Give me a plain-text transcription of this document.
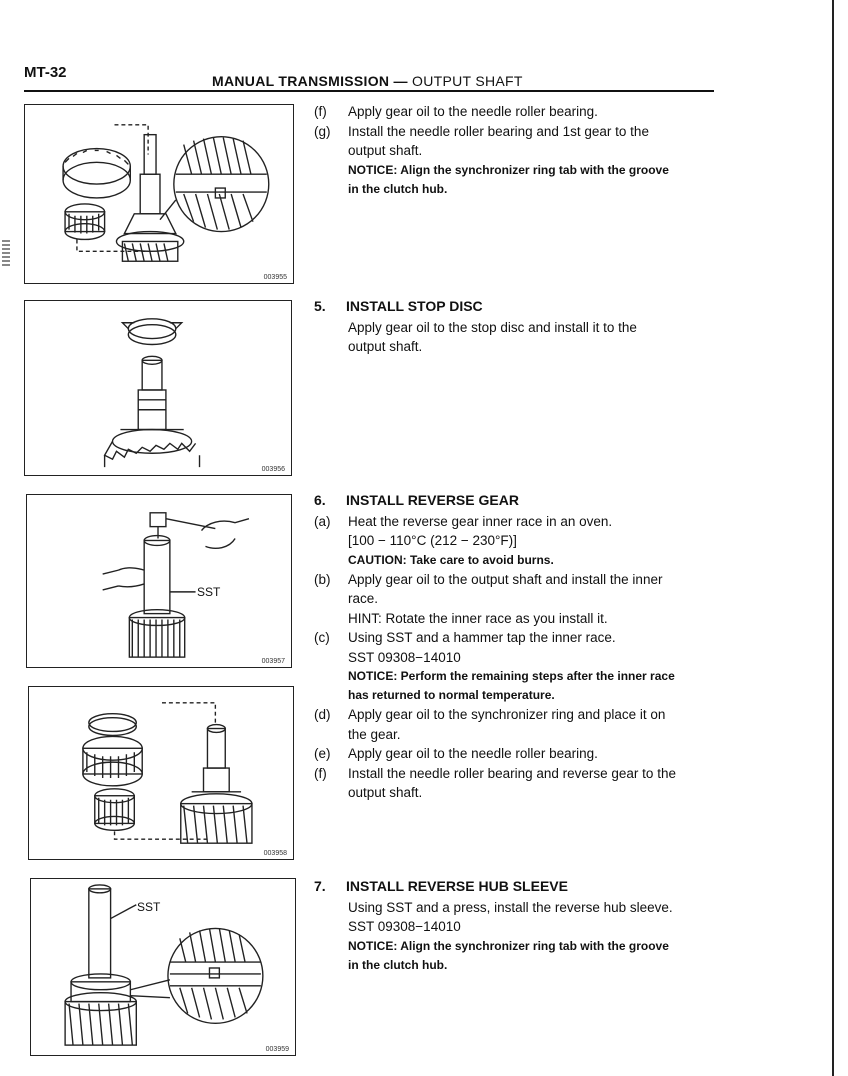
MT-32	MANUAL TRANSMISSION — OUTPUT SHAFT
003955
003956
SST
003957
003958
SST
003959
(f)	Apply gear oil to the needle roller bearing.
(g)	Install the needle roller bearing and 1st gear to the
output shaft.
NOTICE: Align the synchronizer ring tab with the groove
in the clutch hub.
5.	INSTALL STOP DISC
Apply gear oil to the stop disc and install it to the
output shaft.
6.	INSTALL REVERSE GEAR
(a)	Heat the reverse gear inner race in an oven.
[100 − 110°C (212 − 230°F)]
CAUTION: Take care to avoid burns.
(b)	Apply gear oil to the output shaft and install the inner
race.
HINT: Rotate the inner race as you install it.
(c)	Using SST and a hammer tap the inner race.
SST 09308−14010
NOTICE: Perform the remaining steps after the inner race
has returned to normal temperature.
(d)	Apply gear oil to the synchronizer ring and place it on
the gear.
(e)	Apply gear oil to the needle roller bearing.
(f)	Install the needle roller bearing and reverse gear to the
output shaft.
7.	INSTALL REVERSE HUB SLEEVE
Using SST and a press, install the reverse hub sleeve.
SST 09308−14010
NOTICE: Align the synchronizer ring tab with the groove
in the clutch hub.
